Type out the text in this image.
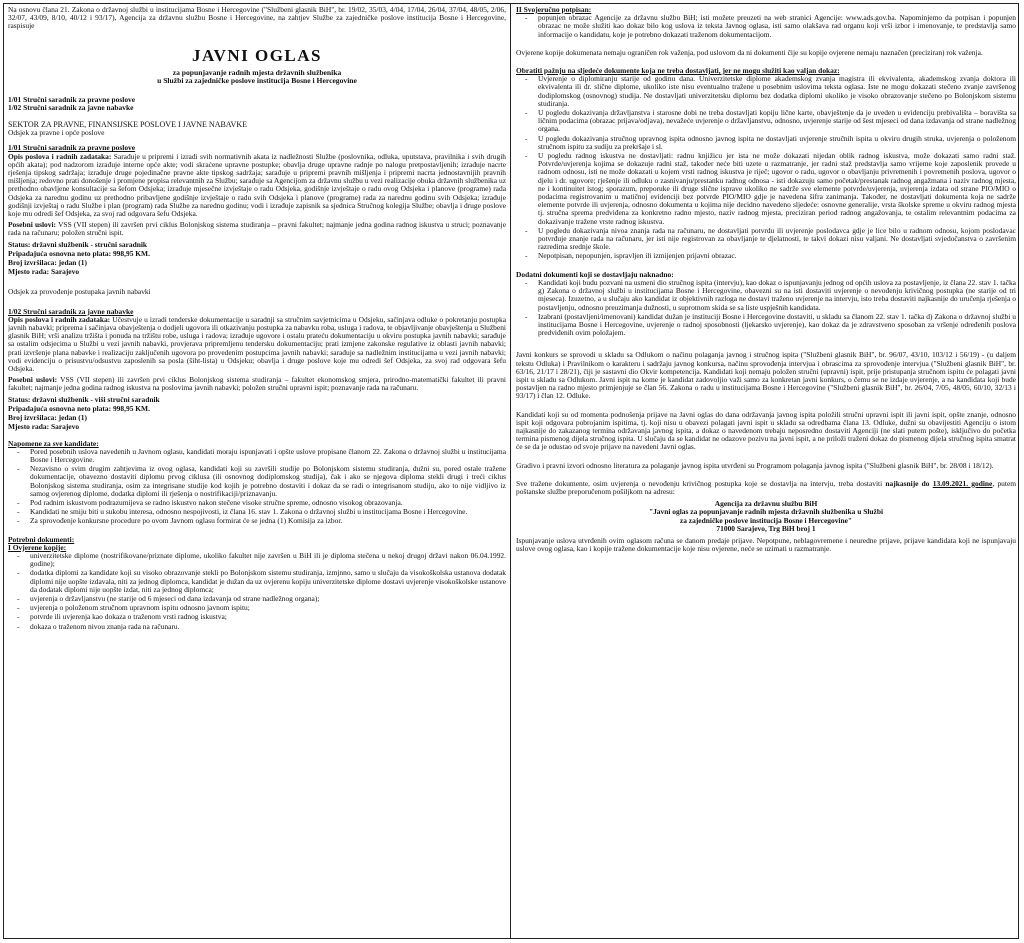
Na osnovu člana 21. Zakona o državnoj službi u institucijama Bosne i Hercegovine ("Službeni glasnik BiH", br. 19/02, 35/03, 4/04, 17/04, 26/04, 37/04, 48/05, 2/06, 32/07, 43/09, 8/10, 40/12 i 93/17), Agencija za državnu službu Bosne i Hercegovine, na zahtjev Službe za zajedničke poslove institucija Bosne i Hercegovine, raspisuje

JAVNI OGLAS
za popunjavanje radnih mjesta državnih službenika
u Službi za zajedničke poslove institucija Bosne i Hercegovine
1/01 Stručni saradnik za pravne poslove
1/02 Stručni saradnik za javne nabavke
SEKTOR ZA PRAVNE, FINANSIJSKE POSLOVE I JAVNE NABAVKE
Odsjek za pravne i opće poslove
1/01 Stručni saradnik za pravne poslove

Opis poslova i radnih zadataka: Sarađuje u pripremi i izradi svih normativnih akata iz nadležnosti Službe (poslovnika, odluka, uputstava, pravilnika i svih drugih općih akata); pod nadzorom izrađuje interne opće akte; vodi skraćene upravne postupke; obavlja druge upravne radnje po nalogu pretpostavljenih; izrađuje nacrte rješenja tipskog sadržaja; izrađuje druge pojedinačne pravne akte tipskog sadržaja; sarađuje u pripremi pravnih mišljenja i pripremi nacrta jednostavnijih pravnih mišljenja; redovno prati donošenje i promjene propisa relevantnih za Službu; sarađuje sa Agencijom za državnu službu u vezi realizacije obuka državnih službenika uz prethodno obavljene konsultacije sa šefom Odsjeka; izrađuje mjesečne izvještaje o radu Odsjeka, godišnje izvještaje o radu ovog Odsjeka i planove (programe) rada Odsjeka za narednu godinu uz prethodno pribavljene godišnje izvještaje o radu svih Odsjeka i planove (programe) rada za narednu godinu svih Odsjeka; izrađuje godišnji izvještaj o radu Službe i plan (program) rada Službe za narednu godinu; vodi i izrađuje zapisnik sa sjednica Stručnog kolegija Službe; obavlja i druge poslove koje mu odredi šef Odsjeka, za svoj rad odgovara šefu Odsjeka.

Posebni uslovi: VSS (VII stepen) ili završen prvi ciklus Bolonjskog sistema studiranja – pravni fakultet; najmanje jedna godina radnog iskustva u struci; poznavanje rada na računaru; položen stručni ispit.

Status: državni službenik - stručni saradnik
Pripadajuća osnovna neto plata: 998,95 KM.
Broj izvršilaca: jedan (1)
Mjesto rada: Sarajevo
Odsjek za provođenje postupaka javnih nabavki
1/02 Stručni saradnik za javne nabavke

Opis poslova i radnih zadataka: Učestvuje u izradi tenderske dokumentacije u saradnji sa stručnim savjetnicima u Odsjeku, sačinjava odluke o pokretanju postupka javnih nabavki; priprema i sačinjava obavještenja o dodjeli ugovora ili otkazivanju postupka za nabavku roba, usluga i radova, te objavljivanje obavještenja u Službeni glasnik BiH; vrši analizu tržišta i ponuda na tržištu robe, usluga i radova; izrađuje ugovore i ostalu prateću dokumentaciju u okviru postupka javnih nabavki; sarađuje sa ostalim odsjecima u Službi u vezi javnih nabavki, provjerava pripremljenu tendersku dokumentaciju; prati izmjene zakonske regulative iz oblasti javnih nabavki; prati izvršenje plana nabavke i realizaciju zaključenih ugovora po provedenim postupcima javnih nabavki; sarađuje sa nadležnim institucijama u vezi javnih nabavki; vodi evidenciju o prisustvu/odsustvu zaposlenih sa posla (šiht-lista) u Odsjeku; obavlja i druge poslove koje mu odredi šef Odsjeka, za svoj rad odgovara šefu Odsjeka.

Posebni uslovi: VSS (VII stepen) ili završen prvi ciklus Bolonjskog sistema studiranja – fakultet ekonomskog smjera, prirodno-matematički fakultet ili pravni fakultet; najmanje jedna godina radnog iskustva na poslovima javnih nabavki; položen stručni upravni ispit; poznavanje rada na računaru.

Status: državni službenik - viši stručni saradnik
Pripadajuća osnovna neto plata: 998,95 KM.
Broj izvršilaca: jedan (1)
Mjesto rada: Sarajevo
Napomene za sve kandidate:
- Pored posebnih uslova navedenih u Javnom oglasu, kandidati moraju ispunjavati i opšte uslove propisane članom 22. Zakona o državnoj službi u institucijama Bosne i Hercegovine.
- Nezavisno o svim drugim zahtjevima iz ovog oglasa, kandidati koji su završili studije po Bolonjskom sistemu studiranja, dužni su, pored ostale tražene dokumentacije, obavezno dostaviti diplomu prvog ciklusa (ili osnovnog dodiplomskog studija), čak i ako se njegova diploma stekli drugi i treći ciklus Bolonjskog sistema studiranja, osim za integrisane studije kod kojih je potrebno dostaviti i dokaz da se radi o integrisanom studiju, ako to nije vidljivo iz samog ovjerenog diplome, dodatka diplomi ili rješenja o nostrifikaciji/priznavanju.
- Pod radnim iskustvom podrazumijeva se radno iskustvo nakon stečene visoke stručne spreme, odnosno visokog obrazovanja.
- Kandidati ne smiju biti u sukobu interesa, odnosno nespojivosti, iz člana 16. stav 1. Zakona o državnoj službi u institucijama Bosne i Hercegovine.
- Za sprovođenje konkursne procedure po ovom Javnom oglasu formirat će se jedna (1) Komisija za izbor.
Potrebni dokumenti:
I Ovjerene kopije:
- univerzitetske diplome (nostrifikovane/priznate diplome, ukoliko fakultet nije završen u BiH ili je diploma stečena u nekoj drugoj državi nakon 06.04.1992. godine);
- dodatka diplomi za kandidate koji su visoko obrazovanje stekli po Bolonjskom sistemu studiranja, izmjnno, samo u slučaju da visokoškolska ustanova dodatak diplomi nije uopšte izdavala, niti za jednog diplomca, kandidat je dužan da uz ovjerenu kopiju univerzitetske diplome dostavi uvjerenje visokoškolske ustanove da dodatak diplomi nije uopšte izdat, niti za jednog diplomca;
- uvjerenja o državljanstvu (ne starije od 6 mjeseci od dana izdavanja od strane nadležnog organa);
- uvjerenja o položenom stručnom upravnom ispitu odnosno javnom ispitu;
- potvrde ili uvjerenja kao dokaza o traženom vrsti radnog iskustva;
- dokaza o traženom nivou znanja rada na računaru.
II Svojeručno potpisan:
- popunjen obrazac Agencije za državnu službu BiH; isti možete preuzeti na web stranici Agencije: www.ads.gov.ba. Napominjemo da potpisan i popunjen obrazac ne može služiti kao dokaz bilo kog uslova iz teksta Javnog oglasa, isti samo olakšava rad organu koji vrši izbor i imenovanje, te predstavlja samo informacije o kandidatu, koje je potrebno dokazati traženom dokumentacijom.

Ovjerene kopije dokumenata nemaju ograničen rok važenja, pod uslovom da ni dokumenti čije su kopije ovjerene nemaju naznačen (preciziran) rok važenja.

Obratiti pažnju na sljedeće dokumente koja ne treba dostavljati, jer ne mogu služiti kao valjan dokaz:
- Uvjerenje o diplomiranju starije od godinu dana. Univerzitetske diplome akademskog zvanja magistra ili ekvivalenta, akademskog zvanja doktora ili ekvivalenta ili dr. slične diplome, ukoliko iste nisu eventualno tražene u posebnim uslovima teksta oglasa. Iste ne mogu dokazati stečeno zvanje završenog dodiplomskog (osnovnog) studija. Ne dostavljati univerzitetsku diplomu bez dodatka diplomi ukoliko je visoko obrazovanje stečeno po Bolonjskom sistemu studiranja.
- U pogledu dokazivanja državljanstva i starosne dobi ne treba dostavljati kopiju lične karte, obavještenje da je uveden u evidenciju prebivališta – boravišta sa ličnim podacima (obrazac prijava/odjava), nevažeće uvjerenje o državljanstvu, odnosno, uvjerenje starije od šest mjeseci od dana izdavanja od strane nadležnog organa.
- U pogledu dokazivanja stručnog upravnog ispita odnosno javnog ispita ne dostavljati uvjerenje stručnih ispita u okviru drugih struka, uvjerenja o položenom stručnom ispitu za sudiju za prekršaje i sl.
- U pogledu radnog iskustva ne dostavljati: radnu knjižicu jer ista ne može dokazati nijedan oblik radnog iskustva, može dokazati samo radni staž. Potvrde/uvjerenja kojima se dokazuje radni staž, također neće biti uzete u razmatranje, jer radni staž predstavlja samo vrijeme koje zaposlenik provede u radnom odnosu, isti ne može dokazati u kojem vrsti radnog iskustva je riječ; ugovor o radu, ugovor o obavljanju privremenih i povremenih poslova, ugovor o djelu i dr. ugovore; rješenje ili odluku o zasnivanju/prestanku radnog odnosa - isti dokazuju samo početak/prestanak radnog angažmana i naziv radnog mjesta, ne i kontinuitet istog; sporazum, preporuke ili druge slične isprave ukoliko ne sadrže sve elemente potvrde/uvjerenja, uvjerenja izdata od strane PIO/MIO o podacima registrovanim u matičnoj evidenciji bez potvrde PIO/MIO gdje je navedena šifra zanimanja. Također, ne dostavljati dokumenta koja ne sadrže elemente potvrde ili uvjerenja, odnosno dokumenta u kojima nije decidno navedeno sljedeće: osnovne generalije, vrsta školske spreme u okviru radnog mjesta tj. stručna sprema predviđena za konkretno radno mjesto, naziv radnog mjesta, preciziran period radnog angažovanja, te ostalim relevantnim podacima za dokazivanje tražene vrste radnog iskustva.
- U pogledu dokazivanja nivoa znanja rada na računaru, ne dostavljati potvrdu ili uvjerenje poslodavca gdje je lice bilo u radnom odnosu, kojom poslodavac potvrđuje znanje rada na računaru, jer isti nije registrovan za obavljanje te djelatnosti, te takvi dokazi nisu valjani. Ne dostavljati svjedočanstva o završenim razredima srednje škole.
- Nepotpisan, nepopunjen, ispravljen ili izmijenjen prijavni obrazac.
Dodatni dokumenti koji se dostavljaju naknadno:
- Kandidati koji budu pozvani na usmeni dio stručnog ispita (intervju), kao dokaz o ispunjavanju jednog od općih uslova za postavljenje, iz člana 22. stav 1. tačka g) Zakona o državnoj službi u institucijama Bosne i Hercegovine, obavezni su na isti dostaviti uvjerenje o nevođenju krivičnog postupka (ne starije od tri mjeseca). Izuzetno, a u slučaju ako kandidat iz objektivnih razloga ne dostavi traženo uvjerenje na intervju, isto treba dostaviti najkasnije do uručenja rješenja o postavljenju, odnosno preuzimanja dužnosti, u suprotnom skida se sa liste uspješnih kandidata.
- Izabrani (postavljeni/imenovani) kandidat dužan je instituciji Bosne i Hercegovine dostaviti, u skladu sa članom 22. stav 1. tačka d) Zakona o državnoj službi u institucijama Bosne i Hercegovine, uvjerenje o radnoj sposobnosti (ljekarsko uvjerenje), kao dokaz da je zdravstveno sposoban za vršenje određenih poslova predviđenih ovim položajem.

Javni konkurs se sprovodi u skladu sa Odlukom o načinu polaganja javnog i stručnog ispita ("Službeni glasnik BiH", br. 96/07, 43/10, 103/12 i 56/19) - (u daljem tekstu Odluka) i Pravilnikom o karakteru i sadržaju javnog konkursa, načinu sprovođenja intervjua i obrascima za sprovođenje intervjua ("Službeni glasnik BiH", br. 63/16, 21/17 i 28/21), čiji je sastavni dio Okvir kompetencija. Kandidati koji nemaju položen stručni (upravni) ispit, prije pristupanja stručnom ispitu će polagati javni ispit u skladu sa Odlukom. Javni ispit na kome je kandidat zadovoljio važi samo za konkretan javni konkurs, o čemu se ne izdaje uvjerenje, a na kandidata koji bude postavljen na radno mjesto primjenjuje se član 56. Zakona o radu u institucijama Bosne i Hercegovine ("Službeni glasnik BiH", br. 26/04, 7/05, 48/05, 60/10, 32/13 i 93/17) i član 12. Odluke.

Kandidati koji su od momenta podnošenja prijave na Javni oglas do dana održavanja javnog ispita položili stručni upravni ispit ili javni ispit, opšte znanje, odnosno ispit koji odgovara pobrojanim ispitima, tj. koji nisu u obavezi polagati javni ispit u skladu sa odredbama člana 13. Odluke, dužni su obavijestiti Agenciju o istom najkasnije do zakazanog termina održavanja javnog ispita, a dokaz o navedenom trebaju neposredno dostaviti Agenciji (ne slati putem pošte), isključivo do početka termina pismenog dijela stručnog ispita. U slučaju da se kandidat ne odazove pozivu na javni ispit, a ne priloži traženi dokaz do pismenog dijela stručnog ispita smatrat će se da je odustao od svoje prijave na navedeni Javni oglas.

Gradivo i pravni izvori odnosno literatura za polaganje javnog ispita utvrđeni su Programom polaganja javnog ispita ("Službeni glasnik BiH", br. 28/08 i 18/12).

Sve tražene dokumente, osim uvjerenja o nevođenju krivičnog postupka koje se dostavlja na intervju, treba dostaviti najkasnije do 13.09.2021. godine, putem poštanske službe preporučenom pošiljkom na adresu:

Agencija za državnu službu BiH
"Javni oglas za popunjavanje radnih mjesta državnih službenika u Službi
za zajedničke poslove institucija Bosne i Hercegovine"
71000 Sarajevo, Trg BiH broj 1

Ispunjavanje uslova utvrđenih ovim oglasom računa se danom predaje prijave. Nepotpune, neblagovremene i neuredne prijave, prijave kandidata koji ne ispunjavaju uslove ovog oglasa, kao i kopije tražene dokumentacije koje nisu ovjerene, neće se uzimati u razmatranje.
